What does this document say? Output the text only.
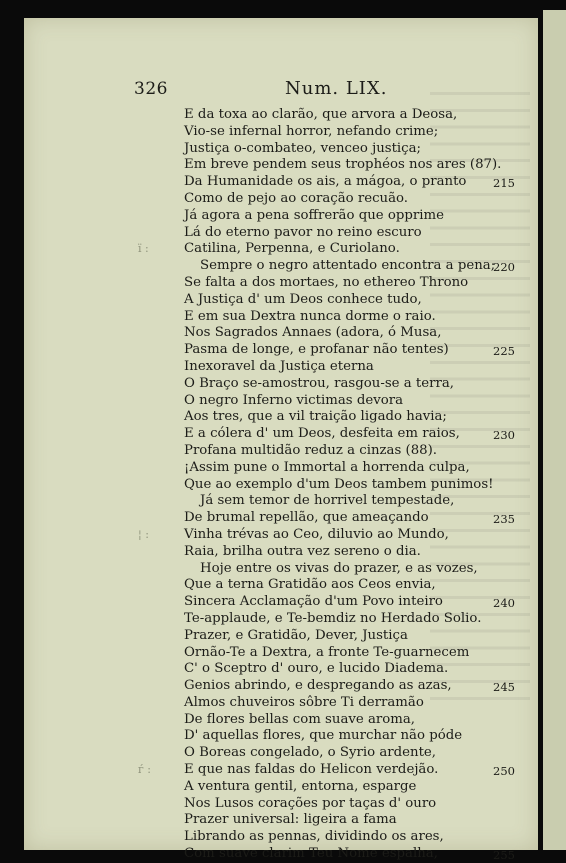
326	Num. LIX.
E da toxa ao clarão, que arvora a Deosa,
Vio-se infernal horror, nefando crime;
Justiça o-combateo, venceo justiça;
Em breve pendem seus trophéos nos ares (87).
Da Humanidade os ais, a mágoa, o pranto
Como de pejo ao coração recuão.
Já agora a pena soffrerão que opprime
Lá do eterno pavor no reino escuro
Catilina, Perpenna, e Curiolano.
Sempre o negro attentado encontra a pena;
Se falta a dos mortaes, no ethereo Throno
A Justiça d' um Deos conhece tudo,
E em sua Dextra nunca dorme o raio.
Nos Sagrados Annaes (adora, ó Musa,
Pasma de longe, e profanar não tentes)
Inexoravel da Justiça eterna
O Braço se-amostrou, rasgou-se a terra,
O negro Inferno victimas devora
Aos tres, que a vil traição ligado havia;
E a cólera d' um Deos, desfeita em raios,
Profana multidão reduz a cinzas (88).
¡Assim pune o Immortal a horrenda culpa,
Que ao exemplo d'um Deos tambem punimos!
Já sem temor de horrivel tempestade,
De brumal repellão, que ameaçando
Vinha trévas ao Ceo, diluvio ao Mundo,
Raia, brilha outra vez sereno o dia.
Hoje entre os vivas do prazer, e as vozes,
Que a terna Gratidão aos Ceos envia,
Sincera Acclamação d'um Povo inteiro
Te-applaude, e Te-bemdiz no Herdado Solio.
Prazer, e Gratidão, Dever, Justiça
Ornão-Te a Dextra, a fronte Te-guarnecem
C' o Sceptro d' ouro, e lucido Diadema.
Genios abrindo, e despregando as azas,
Almos chuveiros sôbre Ti derramão
De flores bellas com suave aroma,
D' aquellas flores, que murchar não póde
O Boreas congelado, o Syrio ardente,
E que nas faldas do Helicon verdejão.
A ventura gentil, entorna, esparge
Nos Lusos corações por taças d' ouro
Prazer universal: ligeira a fama
Librando as pennas, dividindo os ares,
Com suave clarim Teu Nome espalha,
215
220
225
230
235
240
245
250
255
ї :
¦ :
ѓ :
